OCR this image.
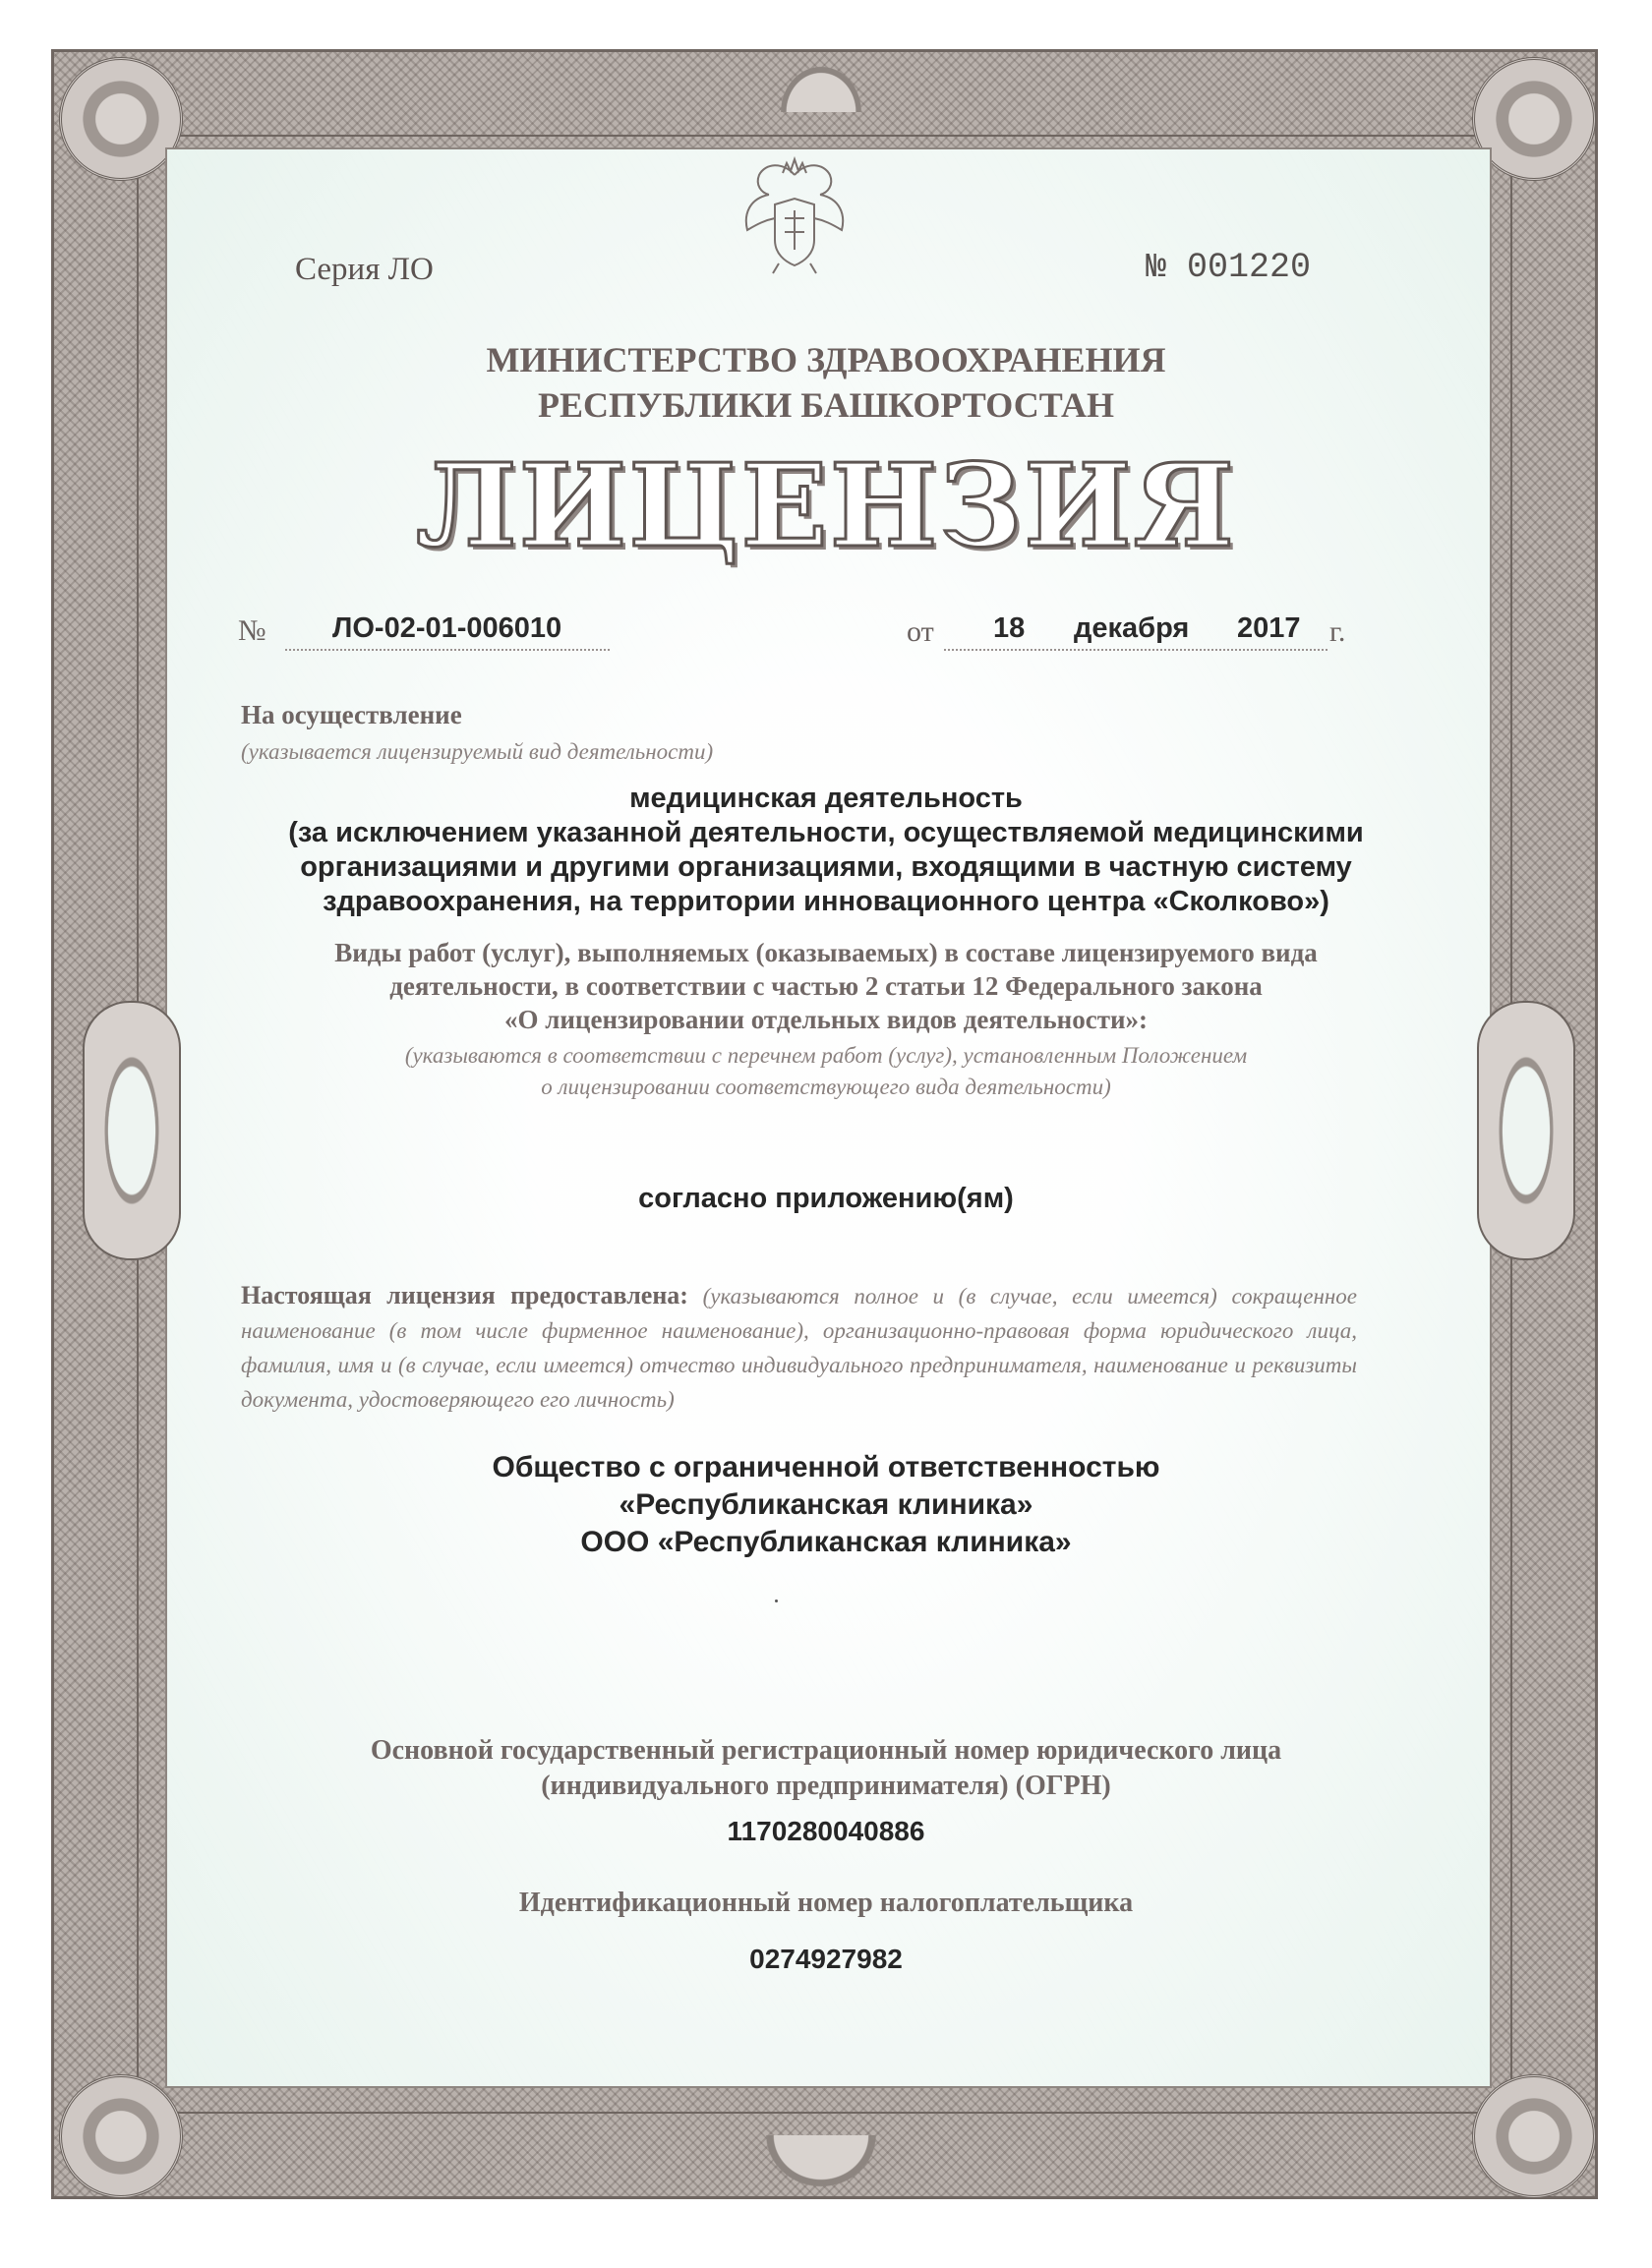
Серия ЛО	№ 001220
МИНИСТЕРСТВО ЗДРАВООХРАНЕНИЯ
РЕСПУБЛИКИ БАШКОРТОСТАН
ЛИЦЕНЗИЯ
№ ЛО-02-01-006010	от 18 декабря 2017 г.
На осуществление
(указывается лицензируемый вид деятельности)
медицинская деятельность
(за исключением указанной деятельности, осуществляемой медицинскими
организациями и другими организациями, входящими в частную систему
здравоохранения, на территории инновационного центра «Сколково»)
Виды работ (услуг), выполняемых (оказываемых) в составе лицензируемого вида
деятельности, в соответствии с частью 2 статьи 12 Федерального закона
«О лицензировании отдельных видов деятельности»:
(указываются в соответствии с перечнем работ (услуг), установленным Положением
о лицензировании соответствующего вида деятельности)
согласно приложению(ям)
Настоящая лицензия предоставлена: (указываются полное и (в случае, если имеется) сокращенное наименование (в том числе фирменное наименование), организационно-правовая форма юридического лица, фамилия, имя и (в случае, если имеется) отчество индивидуального предпринимателя, наименование и реквизиты документа, удостоверяющего его личность)
Общество с ограниченной ответственностью
«Республиканская клиника»
ООО «Республиканская клиника»
Основной государственный регистрационный номер юридического лица
(индивидуального предпринимателя) (ОГРН)
1170280040886
Идентификационный номер налогоплательщика
0274927982
